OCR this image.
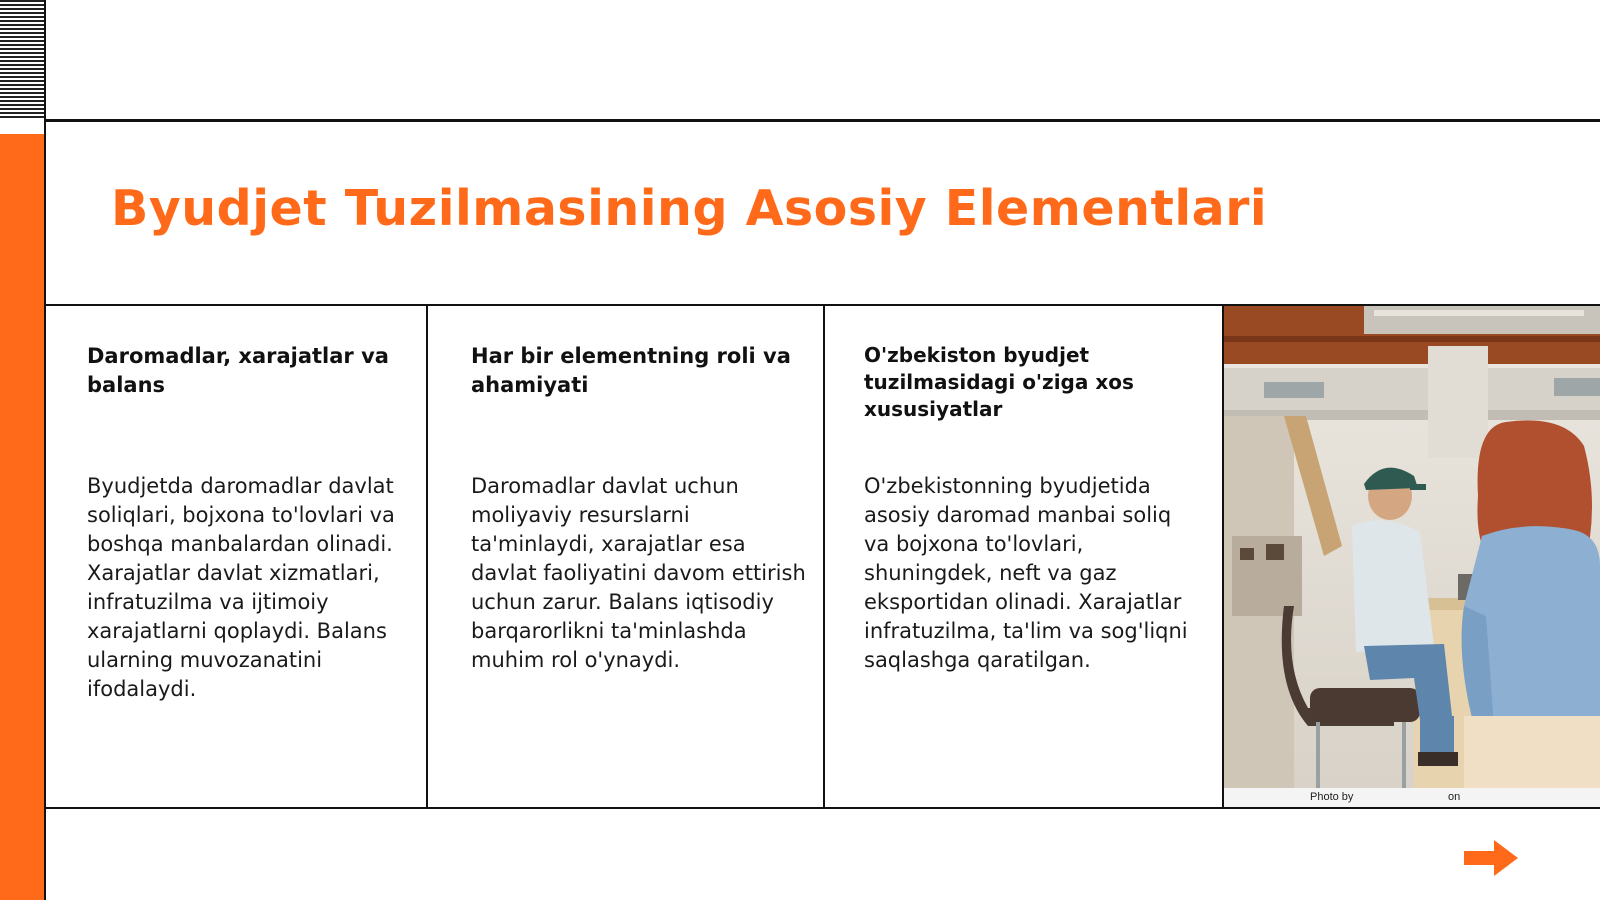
Byudjet Tuzilmasining Asosiy Elementlari
Daromadlar, xarajatlar va balans

Byudjetda daromadlar davlat soliqlari, bojxona to'lovlari va boshqa manbalardan olinadi. Xarajatlar davlat xizmatlari, infratuzilma va ijtimoiy xarajatlarni qoplaydi. Balans ularning muvozanatini ifodalaydi.

Har bir elementning roli va ahamiyati

Daromadlar davlat uchun moliyaviy resurslarni ta'minlaydi, xarajatlar esa davlat faoliyatini davom ettirish uchun zarur. Balans iqtisodiy barqarorlikni ta'minlashda muhim rol o'ynaydi.

O'zbekiston byudjet tuzilmasidagi o'ziga xos xususiyatlar

O'zbekistonning byudjetida asosiy daromad manbai soliq va bojxona to'lovlari, shuningdek, neft va gaz eksportidan olinadi. Xarajatlar infratuzilma, ta'lim va sog'liqni saqlashga qaratilgan.

Photo by	on
